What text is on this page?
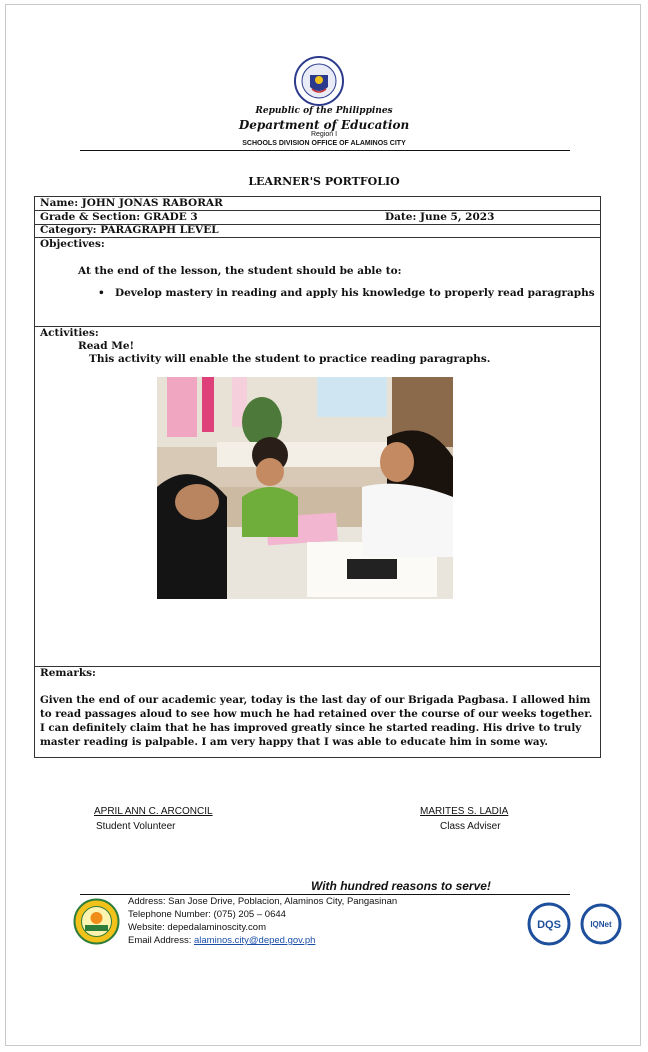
Republic of the Philippines
Department of Education
Region I
SCHOOLS DIVISION OFFICE OF ALAMINOS CITY
LEARNER'S PORTFOLIO
Name: JOHN JONAS RABORAR
Grade & Section: GRADE 3	Date: June 5, 2023
Category: PARAGRAPH LEVEL
Objectives:
At the end of the lesson, the student should be able to:
• Develop mastery in reading and apply his knowledge to properly read paragraphs
Activities:
Read Me!
This activity will enable the student to practice reading paragraphs.
Remarks:
Given the end of our academic year, today is the last day of our Brigada Pagbasa. I allowed him to read passages aloud to see how much he had retained over the course of our weeks together. I can definitely claim that he has improved greatly since he started reading. His drive to truly master reading is palpable. I am very happy that I was able to educate him in some way.
APRIL ANN C. ARCONCIL
Student Volunteer
MARITES S. LADIA
Class Adviser
With hundred reasons to serve!
Address: San Jose Drive, Poblacion, Alaminos City, Pangasinan
Telephone Number: (075) 205 – 0644
Website: depedalaminoscity.com
Email Address: alaminos.city@deped.gov.ph
DQS	IQNet
